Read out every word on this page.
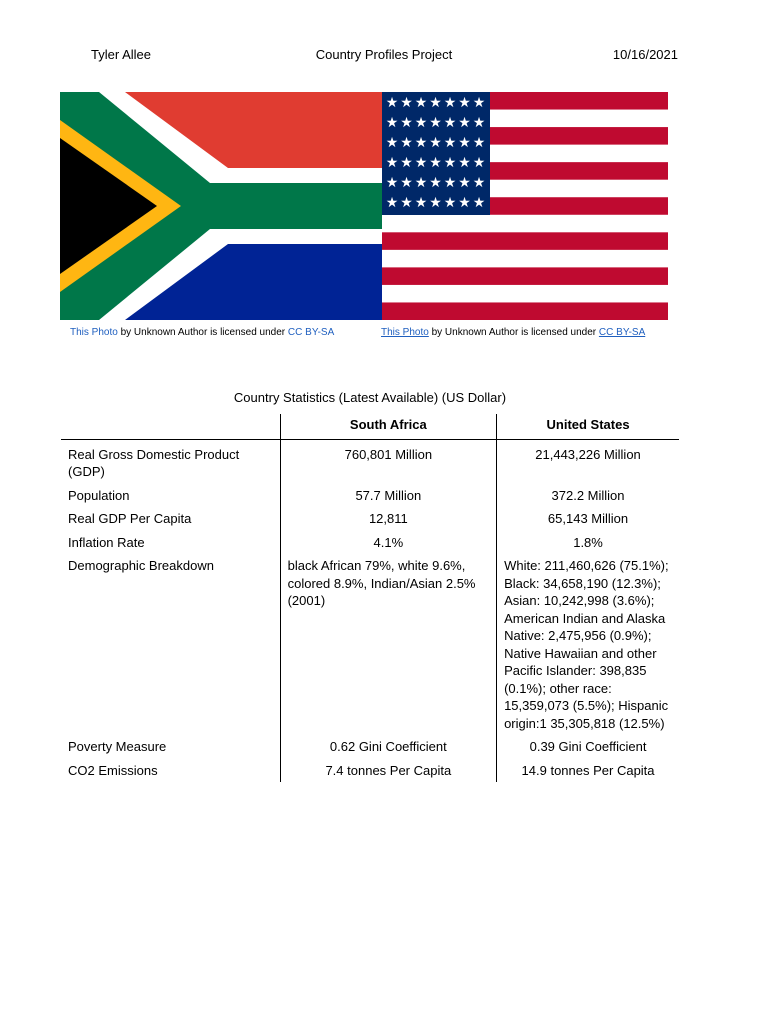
Tyler Allee	Country Profiles Project	10/16/2021
★ ★ ★ ★ ★ ★ ★
★ ★ ★ ★ ★ ★ ★
★ ★ ★ ★ ★ ★ ★
★ ★ ★ ★ ★ ★ ★
★ ★ ★ ★ ★ ★ ★
★ ★ ★ ★ ★ ★ ★
This Photo by Unknown Author is licensed under CC BY-SA	This Photo by Unknown Author is licensed under CC BY-SA
Country Statistics (Latest Available) (US Dollar)
	South Africa	United States
Real Gross Domestic Product (GDP)	760,801 Million	21,443,226 Million
Population	57.7 Million	372.2 Million
Real GDP Per Capita	12,811	65,143 Million
Inflation Rate	4.1%	1.8%
Demographic Breakdown	black African 79%, white 9.6%, colored 8.9%, Indian/Asian 2.5% (2001)	White: 211,460,626 (75.1%); Black: 34,658,190 (12.3%); Asian: 10,242,998 (3.6%); American Indian and Alaska Native: 2,475,956 (0.9%); Native Hawaiian and other Pacific Islander: 398,835 (0.1%); other race: 15,359,073 (5.5%); Hispanic origin:1 35,305,818 (12.5%)
Poverty Measure	0.62 Gini Coefficient	0.39 Gini Coefficient
CO2 Emissions	7.4 tonnes Per Capita	14.9 tonnes Per Capita
